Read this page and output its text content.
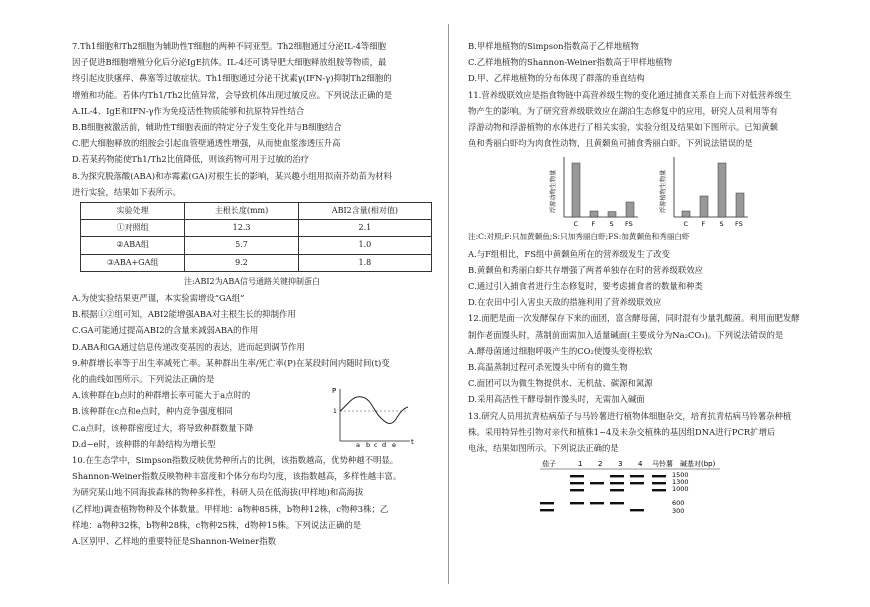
7.Th1细胞和Th2细胞为辅助性T细胞的两种不同亚型。Th2细胞通过分泌IL-4等细胞

因子促进B细胞增殖分化后分泌IgE抗体。IL-4还可诱导肥大细胞释放组胺等物质，最

终引起皮肤瘙痒、鼻塞等过敏症状。Th1细胞通过分泌干扰素γ(IFN-γ)抑制Th2细胞的

增殖和功能。若体内Th1/Th2比值异常，会导致机体出现过敏反应。下列说法正确的是

A.IL-4、IgE和IFN-γ作为免疫活性物质能够和抗原特异性结合

B.B细胞被激活前，辅助性T细胞表面的特定分子发生变化并与B细胞结合

C.肥大细胞释放的组胺会引起血管壁通透性增强，从而使血浆渗透压升高

D.若某药物能使Th1/Th2比值降低，则该药物可用于过敏的治疗

8.为探究脱落酸(ABA)和赤霉素(GA)对根生长的影响，某兴趣小组用拟南芥幼苗为材料

进行实验，结果如下表所示。

实验处理	主根长度(mm)	ABI2含量(相对值)
①对照组	12.3	2.1
②ABA组	5.7	1.0
③ABA+GA组	9.2	1.8

注:ABI2为ABA信号通路关键抑制蛋白

A.为使实验结果更严谨，本实验需增设“GA组”

B.根据①②组可知，ABI2能增强ABA对主根生长的抑制作用

C.GA可能通过提高ABI2的含量来减弱ABA的作用

D.ABA和GA通过信息传递改变基因的表达，进而起到调节作用

9.种群增长率等于出生率减死亡率。某种群出生率/死亡率(P)在某段时间内随时间(t)变

化的曲线如图所示。下列说法正确的是

A.该种群在b点时的种群增长率可能大于a点时的

B.该种群在c点和e点时，种内竞争强度相同

C.a点时，该种群密度过大，将导致种群数量下降

D.d~e时，该种群的年龄结构为增长型

P
1
t
a b c d e

10.在生态学中，Simpson指数反映优势种所占的比例，该指数越高，优势种越不明显。

Shannon-Weiner指数反映物种丰富度和个体分布均匀度，该指数越高，多样性越丰富。

为研究某山地不同海拔森林的物种多样性，科研人员在低海拔(甲样地)和高海拔

(乙样地)调查植物物种及个体数量。甲样地：a物种85株，b物种12株，c物种3株；乙

样地：a物种32株，b物种28株，c物种25株，d物种15株。下列说法正确的是

A.区别甲、乙样地的重要特征是Shannon-Weiner指数

B.甲样地植物的Simpson指数高于乙样地植物

C.乙样地植物的Shannon-Weiner指数高于甲样地植物

D.甲、乙样地植物的分布体现了群落的垂直结构

11.营养级联效应是指食物链中高营养级生物的变化通过捕食关系自上而下对低营养级生

物产生的影响。为了研究营养级联效应在湖泊生态修复中的应用，研究人员利用等有

浮游动物和浮游植物的水体进行了相关实验，实验分组及结果如下图所示。已知黄颡

鱼和秀丽白虾均为肉食性动物，且黄颡鱼可捕食秀丽白虾。下列说法错误的是

浮游动物生物量
C F S FS
浮游植物生物量
C F S FS

注:C:对照;F:只加黄颡鱼;S:只加秀丽白虾;FS:加黄颡鱼和秀丽白虾

A.与F组相比，FS组中黄颡鱼所在的营养级发生了改变

B.黄颡鱼和秀丽白虾共存增强了两者单独存在时的营养级联效应

C.通过引入捕食者进行生态修复时，要考虑捕食者的数量和种类

D.在农田中引入害虫天敌的措施利用了营养级联效应

12.面肥是面一次发酵保存下来的面团，富含酵母菌，同时混有少量乳酸菌。利用面肥发酵

制作老面馒头时，蒸制前面需加入适量碱面(主要成分为Na₂CO₃)。下列说法错误的是

A.酵母菌通过细胞呼吸产生的CO₂使馒头变得松软

B.高温蒸制过程可杀死馒头中所有的微生物

C.面团可以为微生物提供水、无机盐、碳源和氮源

D.采用高活性干酵母制作馒头时，无需加入碱面

13.研究人员用抗青枯病茄子与马铃薯进行植物体细胞杂交，培育抗青枯病马铃薯杂种植

株。采用特异性引物对亲代和植株1~4及未杂交植株的基因组DNA进行PCR扩增后

电泳，结果如图所示。下列说法正确的是

茄子	1 2 3 4 马铃薯 碱基对(bp)
1500
1300
1000
600
300
